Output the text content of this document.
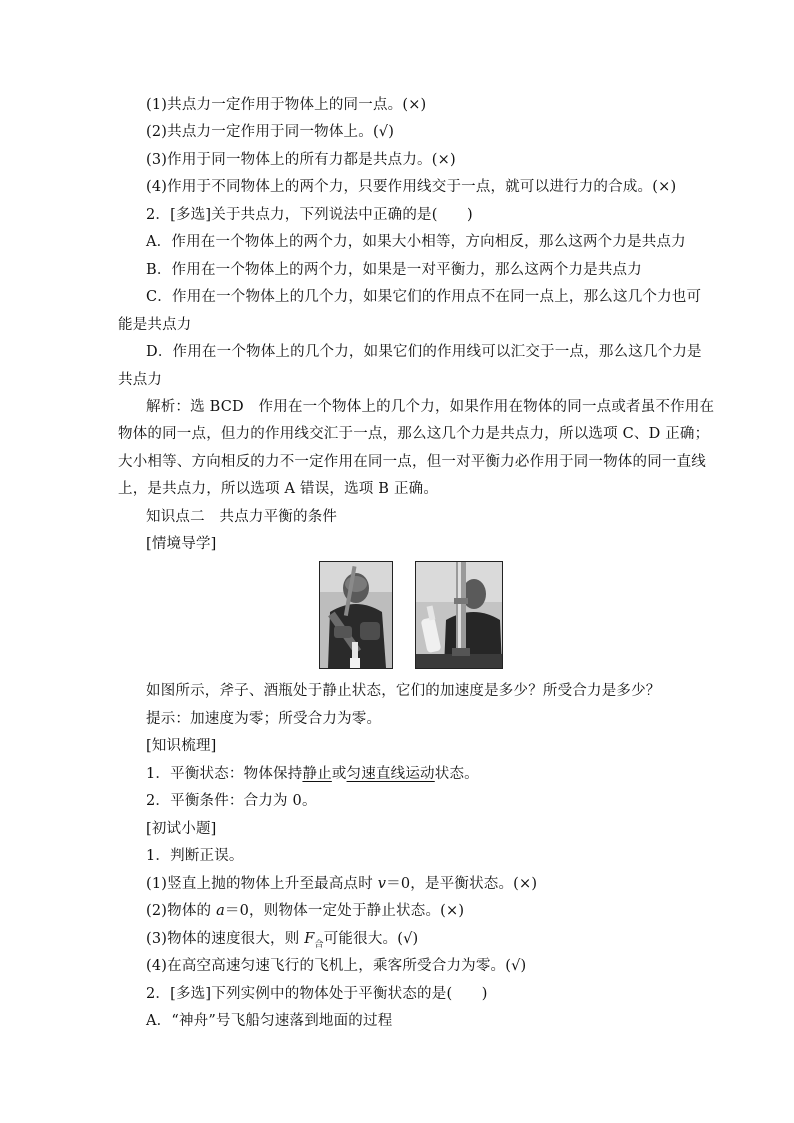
(1)共点力一定作用于物体上的同一点。(×)
(2)共点力一定作用于同一物体上。(√)
(3)作用于同一物体上的所有力都是共点力。(×)
(4)作用于不同物体上的两个力，只要作用线交于一点，就可以进行力的合成。(×)
2．[多选]关于共点力，下列说法中正确的是(　　)
A．作用在一个物体上的两个力，如果大小相等，方向相反，那么这两个力是共点力
B．作用在一个物体上的两个力，如果是一对平衡力，那么这两个力是共点力
C．作用在一个物体上的几个力，如果它们的作用点不在同一点上，那么这几个力也可
能是共点力
D．作用在一个物体上的几个力，如果它们的作用线可以汇交于一点，那么这几个力是
共点力
解析：选 BCD　作用在一个物体上的几个力，如果作用在物体的同一点或者虽不作用在
物体的同一点，但力的作用线交汇于一点，那么这几个力是共点力，所以选项 C、D 正确；
大小相等、方向相反的力不一定作用在同一点，但一对平衡力必作用于同一物体的同一直线
上，是共点力，所以选项 A 错误，选项 B 正确。
知识点二　共点力平衡的条件
[情境导学]
如图所示，斧子、酒瓶处于静止状态，它们的加速度是多少？所受合力是多少？
提示：加速度为零；所受合力为零。
[知识梳理]
1．平衡状态：物体保持静止或匀速直线运动状态。
2．平衡条件：合力为 0。
[初试小题]
1．判断正误。
(1)竖直上抛的物体上升至最高点时 v＝0，是平衡状态。(×)
(2)物体的 a＝0，则物体一定处于静止状态。(×)
(3)物体的速度很大，则 $F_合$可能很大。(√)
(4)在高空高速匀速飞行的飞机上，乘客所受合力为零。(√)
2．[多选]下列实例中的物体处于平衡状态的是(　　)
A．“神舟”号飞船匀速落到地面的过程
